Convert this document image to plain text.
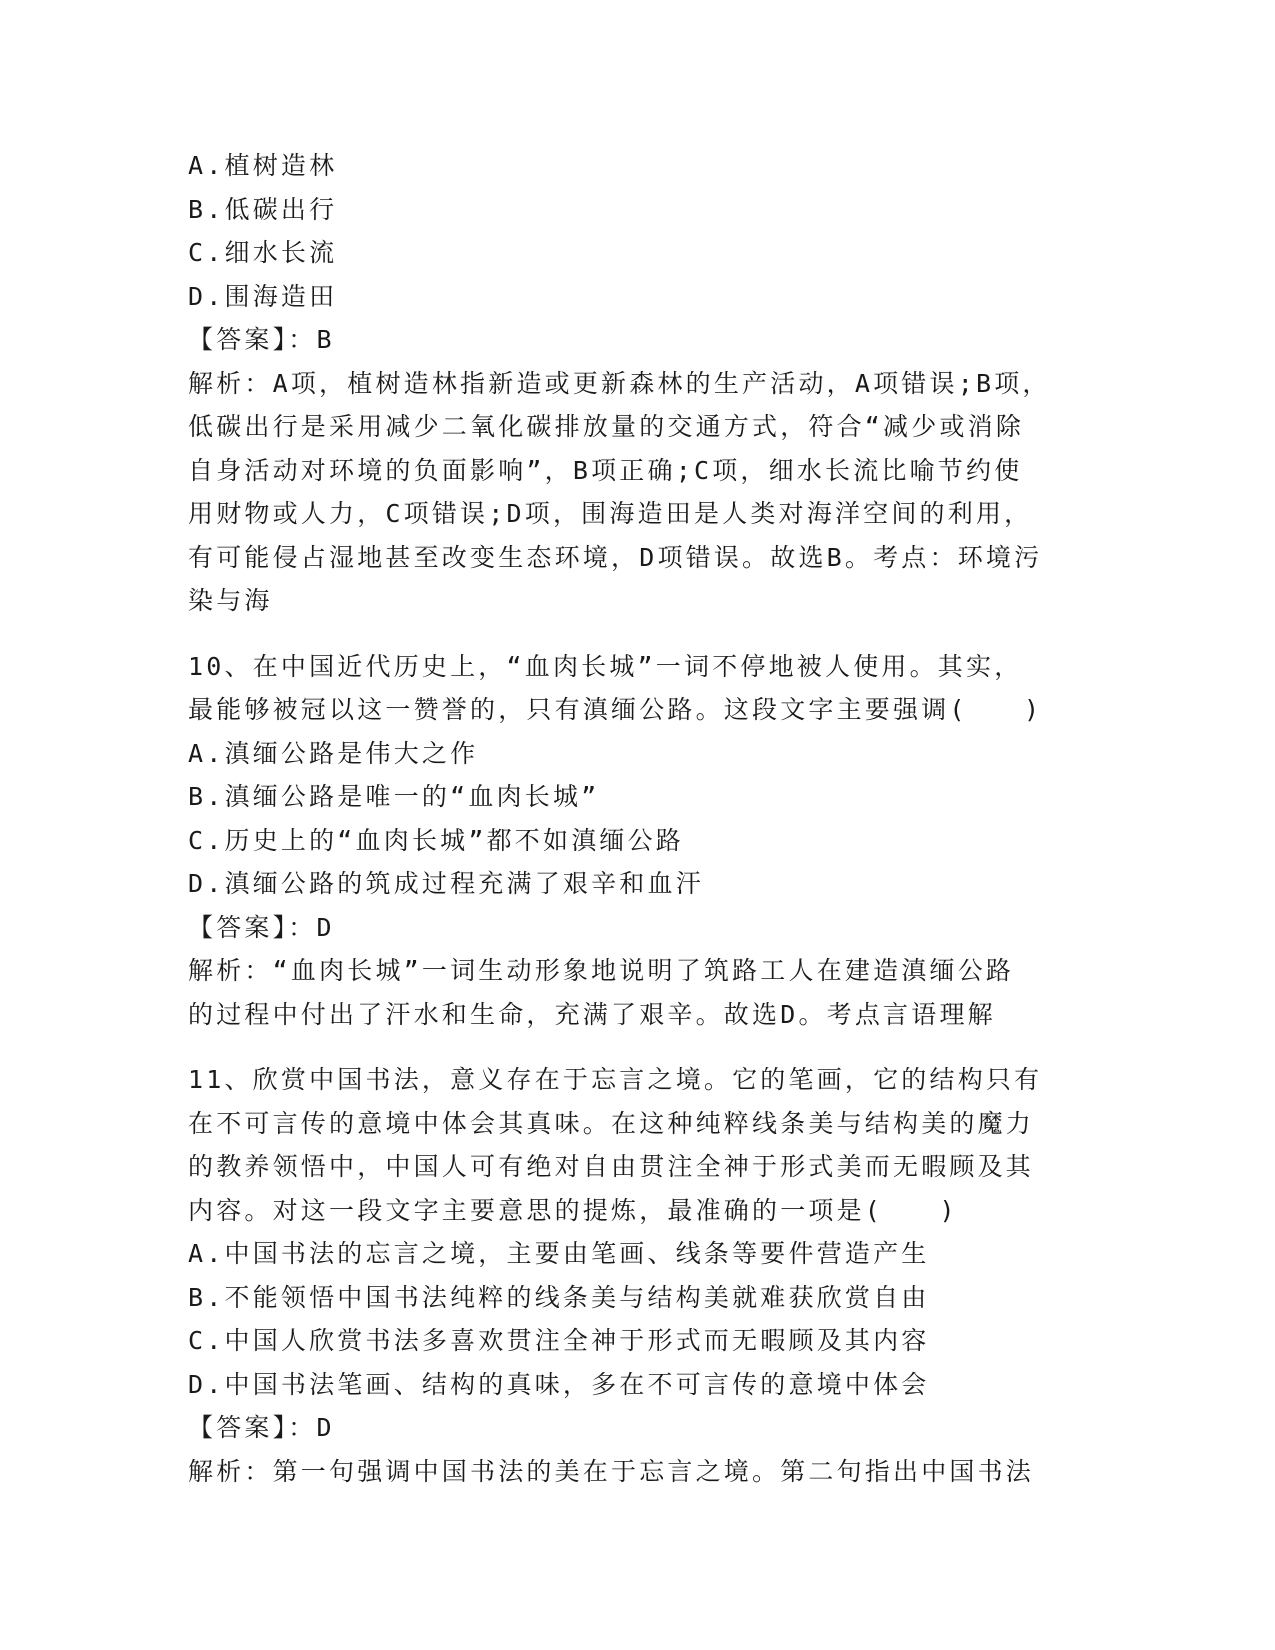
A.植树造林
B.低碳出行
C.细水长流
D.围海造田
【答案】：B
解析：A项，植树造林指新造或更新森林的生产活动，A项错误;B项，
低碳出行是采用减少二氧化碳排放量的交通方式，符合“减少或消除
自身活动对环境的负面影响”，B项正确;C项，细水长流比喻节约使
用财物或人力，C项错误;D项，围海造田是人类对海洋空间的利用，
有可能侵占湿地甚至改变生态环境，D项错误。故选B。考点：环境污
染与海
10、在中国近代历史上，“血肉长城”一词不停地被人使用。其实，
最能够被冠以这一赞誉的，只有滇缅公路。这段文字主要强调(　　)
A.滇缅公路是伟大之作
B.滇缅公路是唯一的“血肉长城”
C.历史上的“血肉长城”都不如滇缅公路
D.滇缅公路的筑成过程充满了艰辛和血汗
【答案】：D
解析：“血肉长城”一词生动形象地说明了筑路工人在建造滇缅公路
的过程中付出了汗水和生命，充满了艰辛。故选D。考点言语理解
11、欣赏中国书法，意义存在于忘言之境。它的笔画，它的结构只有
在不可言传的意境中体会其真味。在这种纯粹线条美与结构美的魔力
的教养领悟中，中国人可有绝对自由贯注全神于形式美而无暇顾及其
内容。对这一段文字主要意思的提炼，最准确的一项是(　　)
A.中国书法的忘言之境，主要由笔画、线条等要件营造产生
B.不能领悟中国书法纯粹的线条美与结构美就难获欣赏自由
C.中国人欣赏书法多喜欢贯注全神于形式而无暇顾及其内容
D.中国书法笔画、结构的真味，多在不可言传的意境中体会
【答案】：D
解析：第一句强调中国书法的美在于忘言之境。第二句指出中国书法
